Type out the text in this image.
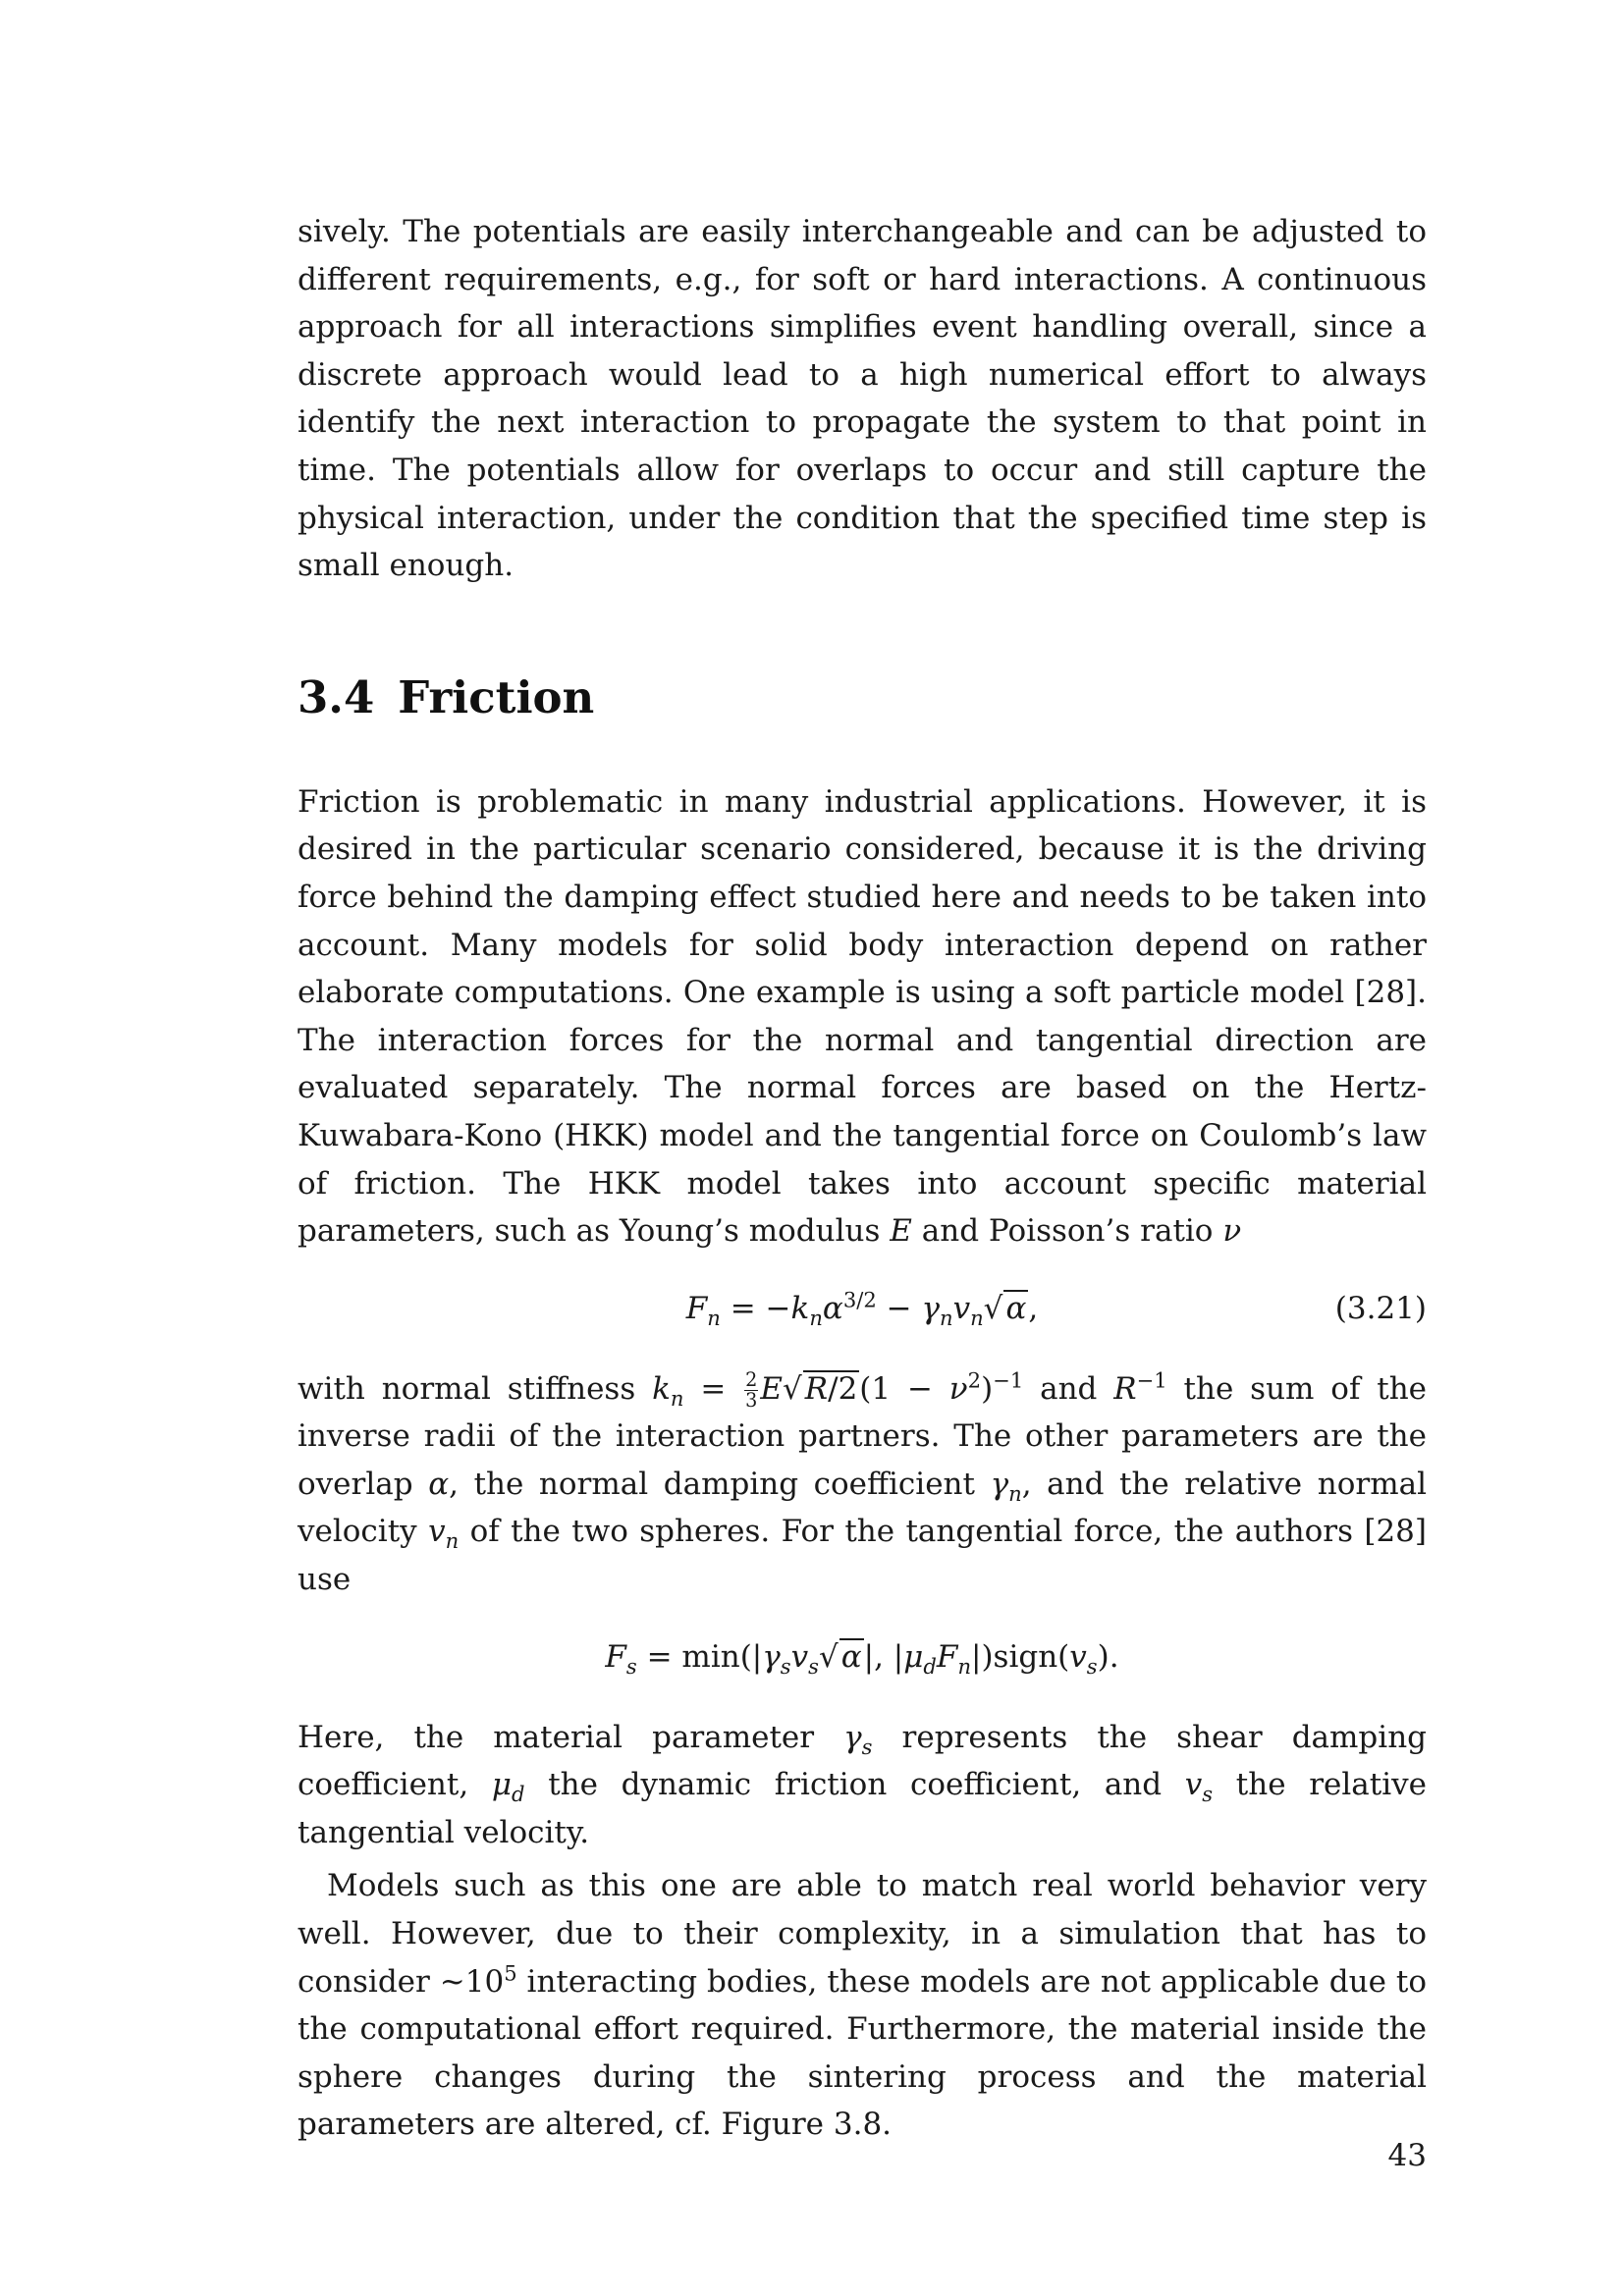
sively. The potentials are easily interchangeable and can be adjusted to different requirements, e.g., for soft or hard interactions. A continuous approach for all interactions simplifies event handling overall, since a discrete approach would lead to a high numerical effort to always identify the next interaction to propagate the system to that point in time. The potentials allow for overlaps to occur and still capture the physical interaction, under the condition that the specified time step is small enough.

3.4 Friction

Friction is problematic in many industrial applications. However, it is desired in the particular scenario considered, because it is the driving force behind the damping effect studied here and needs to be taken into account. Many models for solid body interaction depend on rather elaborate computations. One example is using a soft particle model [28]. The interaction forces for the normal and tangential direction are evaluated separately. The normal forces are based on the Hertz-Kuwabara-Kono (HKK) model and the tangential force on Coulomb’s law of friction. The HKK model takes into account specific material parameters, such as Young’s modulus E and Poisson’s ratio ν

$F_n = -k_n\alpha^{3/2} - \gamma_nv_n√\alpha$,	(3.21)

with normal stiffness $k_n = \frac{2}{3} E√R/2(1 - \nu^2)^{-1}$ and $R^{-1}$ the sum of the inverse radii of the interaction partners. The other parameters are the overlap α, the normal damping coefficient $\gamma_n$, and the relative normal velocity $v_n$ of the two spheres. For the tangential force, the authors [28] use

$F_s = \min(|\gamma_sv_s√\alpha|$, $|\mu_dF_n|)sign(v_s)$.

Here, the material parameter $\gamma_s$ represents the shear damping coefficient, $\mu_d$ the dynamic friction coefficient, and $v_s$ the relative tangential velocity.

Models such as this one are able to match real world behavior very well. However, due to their complexity, in a simulation that has to consider $\sim 10^5$ interacting bodies, these models are not applicable due to the computational effort required. Furthermore, the material inside the sphere changes during the sintering process and the material parameters are altered, cf. Figure 3.8.

43
